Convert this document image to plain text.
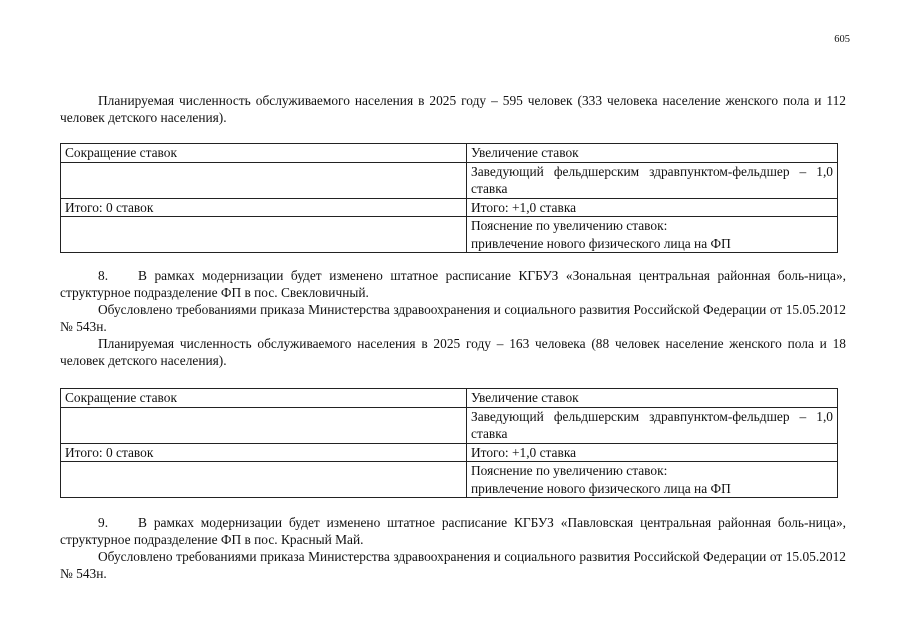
605

Планируемая численность обслуживаемого населения в 2025 году – 595 человек (333 человека население женского пола и 112 человек детского населения).

Сокращение ставок	Увеличение ставок
	Заведующий фельдшерским здравпунктом-фельдшер – 1,0 ставка
Итого: 0 ставок	Итого: +1,0 ставка

	Пояснение по увеличению ставок:
привлечение нового физического лица на ФП

8. В рамках модернизации будет изменено штатное расписание КГБУЗ «Зональная центральная районная боль-ница», структурное подразделение ФП в пос. Свекловичный.

Обусловлено требованиями приказа Министерства здравоохранения и социального развития Российской Федерации от 15.05.2012 № 543н.

Планируемая численность обслуживаемого населения в 2025 году – 163 человека (88 человек население женского пола и 18 человек детского населения).

Сокращение ставок	Увеличение ставок
	Заведующий фельдшерским здравпунктом-фельдшер – 1,0 ставка
Итого: 0 ставок	Итого: +1,0 ставка

	Пояснение по увеличению ставок:
привлечение нового физического лица на ФП

9. В рамках модернизации будет изменено штатное расписание КГБУЗ «Павловская центральная районная боль-ница», структурное подразделение ФП в пос. Красный Май.

Обусловлено требованиями приказа Министерства здравоохранения и социального развития Российской Федерации от 15.05.2012 № 543н.
